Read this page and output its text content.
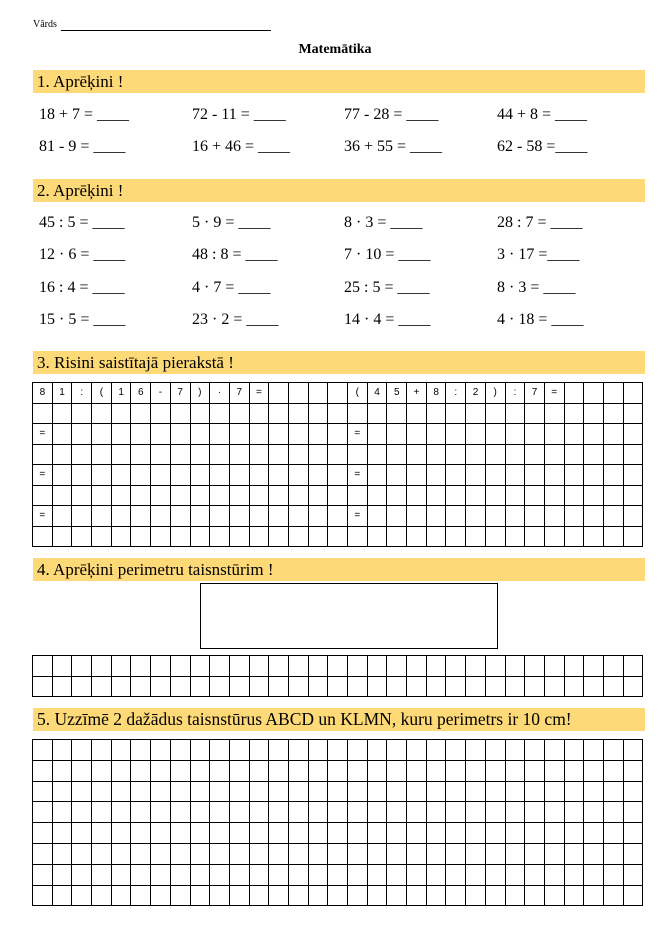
Vārds
Matemātika
1. Aprēķini !
18 + 7 = ____	72 - 11 = ____	77 - 28 = ____	44 + 8 = ____
81 - 9 = ____	16 + 46 = ____	36 + 55 = ____	62 - 58 =____
2. Aprēķini !
45 : 5 = ____	5 · 9 = ____	8 · 3 = ____	28 : 7 = ____
12 · 6 = ____	48 : 8 = ____	7 · 10 = ____	3 · 17 =____
16 : 4 = ____	4 · 7 = ____	25 : 5 = ____	8 · 3 = ____
15 · 5 = ____	23 · 2 = ____	14 · 4 = ____	4 · 18 = ____
3. Risini saistītajā pierakstā !
8	1	:	(	1	6	-	7	)	·	7	=					(	4	5	+	8	:	2	)	:	7	=				

=																=														

=																=														

=																=														

4. Aprēķini perimetru taisnstūrim !

5. Uzzīmē 2 dažādus taisnstūrus ABCD un KLMN, kuru perimetrs ir 10 cm!
